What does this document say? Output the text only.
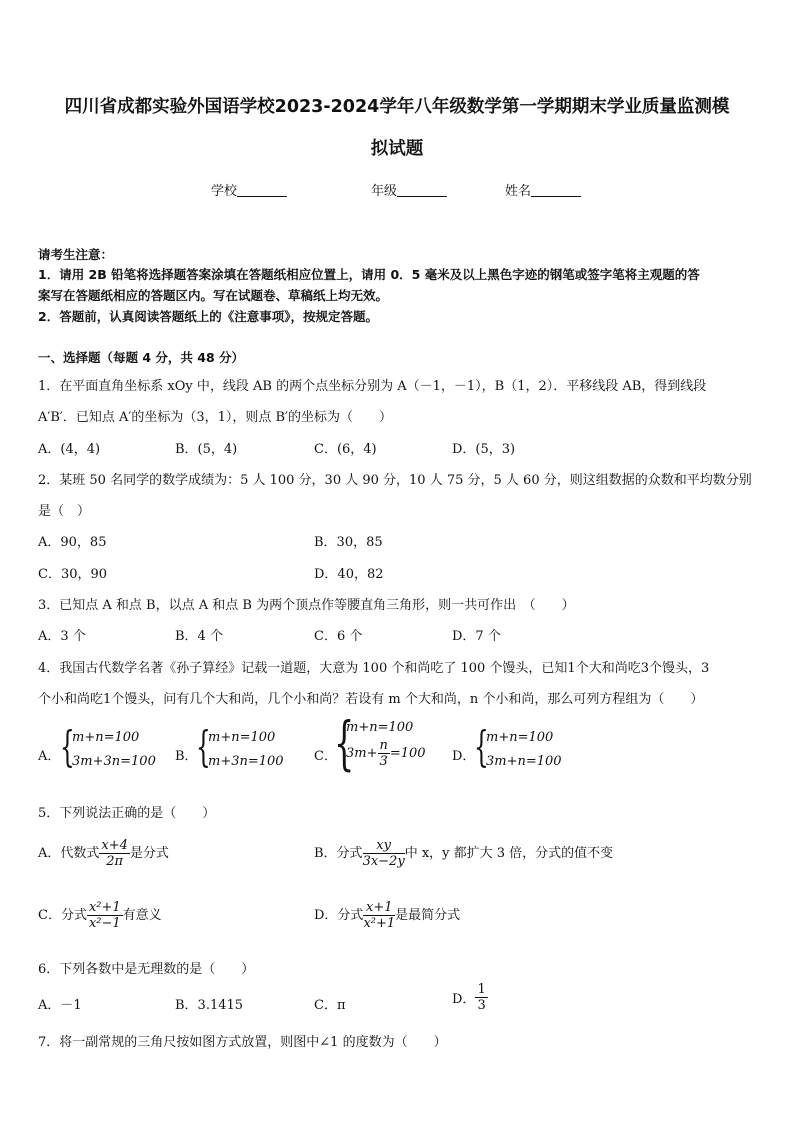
四川省成都实验外国语学校2023-2024学年八年级数学第一学期期末学业质量监测模
拟试题
学校	年级	姓名
请考生注意：
1．请用 2B 铅笔将选择题答案涂填在答题纸相应位置上，请用 0．5 毫米及以上黑色字迹的钢笔或签字笔将主观题的答
案写在答题纸相应的答题区内。写在试题卷、草稿纸上均无效。
2．答题前，认真阅读答题纸上的《注意事项》，按规定答题。
一、选择题（每题 4 分，共 48 分）
1．在平面直角坐标系 xOy 中，线段 AB 的两个点坐标分别为 A（－1，－1），B（1，2）．平移线段 AB，得到线段
A′B′．已知点 A′的坐标为（3，1），则点 B′的坐标为（　　）
A．(4，4)	B．(5，4)	C．(6，4)	D．(5，3)
2．某班 50 名同学的数学成绩为：5 人 100 分，30 人 90 分，10 人 75 分，5 人 60 分，则这组数据的众数和平均数分别
是（　）
A．90，85	B．30，85
C．30，90	D．40，82
3．已知点 A 和点 B，以点 A 和点 B 为两个顶点作等腰直角三角形，则一共可作出　（　　）
A．3 个	B．4 个	C．6 个	D．7 个
4．我国古代数学名著《孙子算经》记载一道题，大意为 100 个和尚吃了 100 个馒头，已知1个大和尚吃3个馒头，3
个小和尚吃1个馒头，问有几个大和尚，几个小和尚？若设有 m 个大和尚，n 个小和尚，那么可列方程组为（　　）
A． {
m+n=100
3m+3n=100 B．
{
m+n=100
m+3n=100 C．
{
m+n=100
$3m+ \frac{n}{3} =100$ D．
{
m+n=100
3m+n=100
5．下列说法正确的是（　　）
A．代数式 $\frac{x+4}{2\pi}$ 是分式	B．分式 $\frac{xy}{3x-2y}$ 中 x，y 都扩大 3 倍，分式的值不变
C．分式 $\frac{\text{x²+1}}{\text{x²−1}}$ 有意义	D．分式 $\frac{x+1}{\text{x²+1}}$ 是最简分式
6．下列各数中是无理数的是（　　）
A．－1	B．3.1415	C．π	D． $\frac{1}{3}$
7．将一副常规的三角尺按如图方式放置，则图中∠1 的度数为（　　）
